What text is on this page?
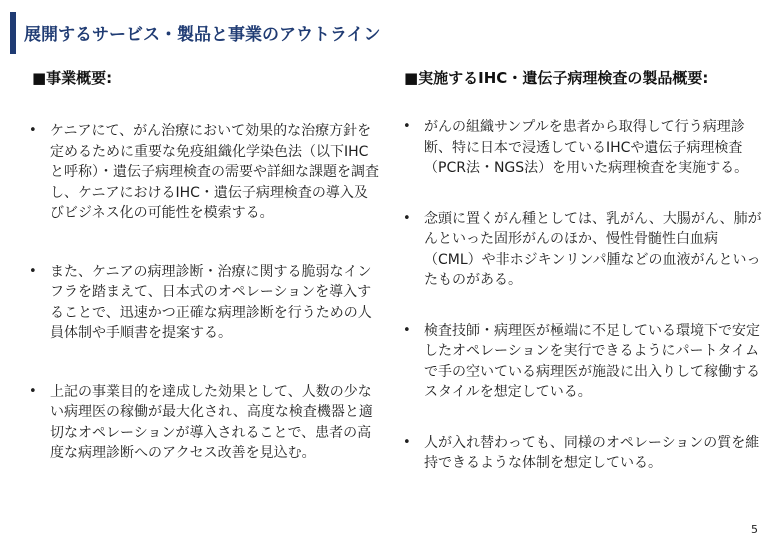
展開するサービス・製品と事業のアウトライン
■事業概要:
• ケニアにて、がん治療において効果的な治療方針を定めるために重要な免疫組織化学染色法（以下IHCと呼称）・遺伝子病理検査の需要や詳細な課題を調査し、ケニアにおけるIHC・遺伝子病理検査の導入及びビジネス化の可能性を模索する。
• また、ケニアの病理診断・治療に関する脆弱なインフラを踏まえて、日本式のオペレーションを導入することで、迅速かつ正確な病理診断を行うための人員体制や手順書を提案する。
• 上記の事業目的を達成した効果として、人数の少ない病理医の稼働が最大化され、高度な検査機器と適切なオペレーションが導入されることで、患者の高度な病理診断へのアクセス改善を見込む。
■実施するIHC・遺伝子病理検査の製品概要:
• がんの組織サンプルを患者から取得して行う病理診断、特に日本で浸透しているIHCや遺伝子病理検査（PCR法・NGS法）を用いた病理検査を実施する。
• 念頭に置くがん種としては、乳がん、大腸がん、肺がんといった固形がんのほか、慢性骨髄性白血病（CML）や非ホジキンリンパ腫などの血液がんといったものがある。
• 検査技師・病理医が極端に不足している環境下で安定したオペレーションを実行できるようにパートタイムで手の空いている病理医が施設に出入りして稼働するスタイルを想定している。
• 人が入れ替わっても、同様のオペレーションの質を維持できるような体制を想定している。
5
